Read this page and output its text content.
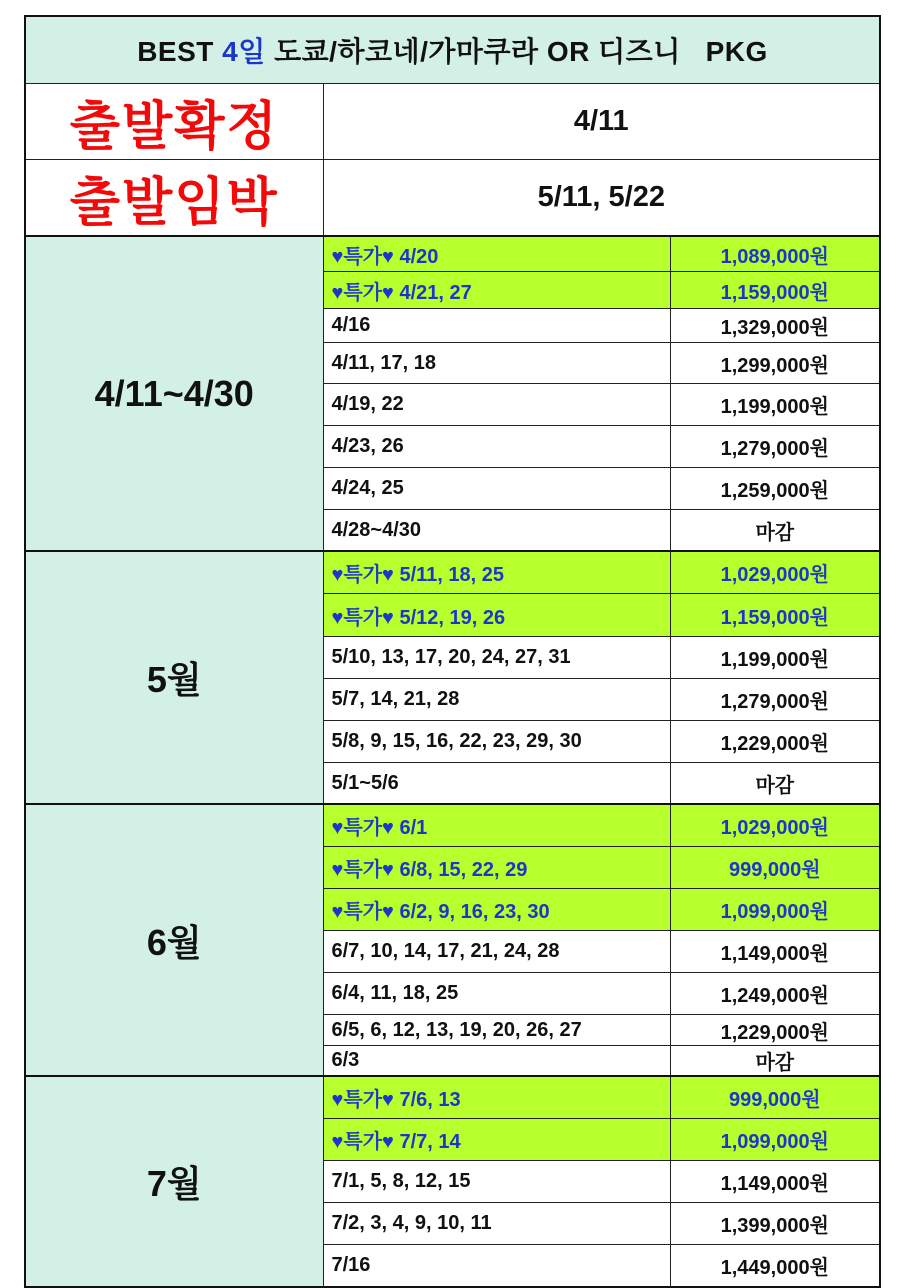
BEST 4일 도쿄/하코네/가마쿠라 OR 디즈니 PKG		
출발확정	4/11	
출발임박	5/11, 5/22	
4/11~4/30	♥특가♥ 4/20	1,089,000원
	♥특가♥ 4/21, 27	1,159,000원
	4/16	1,329,000원
	4/11, 17, 18	1,299,000원
	4/19, 22	1,199,000원
	4/23, 26	1,279,000원
	4/24, 25	1,259,000원
	4/28~4/30	마감
5월	♥특가♥ 5/11, 18, 25	1,029,000원
	♥특가♥ 5/12, 19, 26	1,159,000원
	5/10, 13, 17, 20, 24, 27, 31	1,199,000원
	5/7, 14, 21, 28	1,279,000원
	5/8, 9, 15, 16, 22, 23, 29, 30	1,229,000원
	5/1~5/6	마감
6월	♥특가♥ 6/1	1,029,000원
	♥특가♥ 6/8, 15, 22, 29	999,000원
	♥특가♥ 6/2, 9, 16, 23, 30	1,099,000원
	6/7, 10, 14, 17, 21, 24, 28	1,149,000원
	6/4, 11, 18, 25	1,249,000원
	6/5, 6, 12, 13, 19, 20, 26, 27	1,229,000원
	6/3	마감
7월	♥특가♥ 7/6, 13	999,000원
	♥특가♥ 7/7, 14	1,099,000원
	7/1, 5, 8, 12, 15	1,149,000원
	7/2, 3, 4, 9, 10, 11	1,399,000원
	7/16	1,449,000원
